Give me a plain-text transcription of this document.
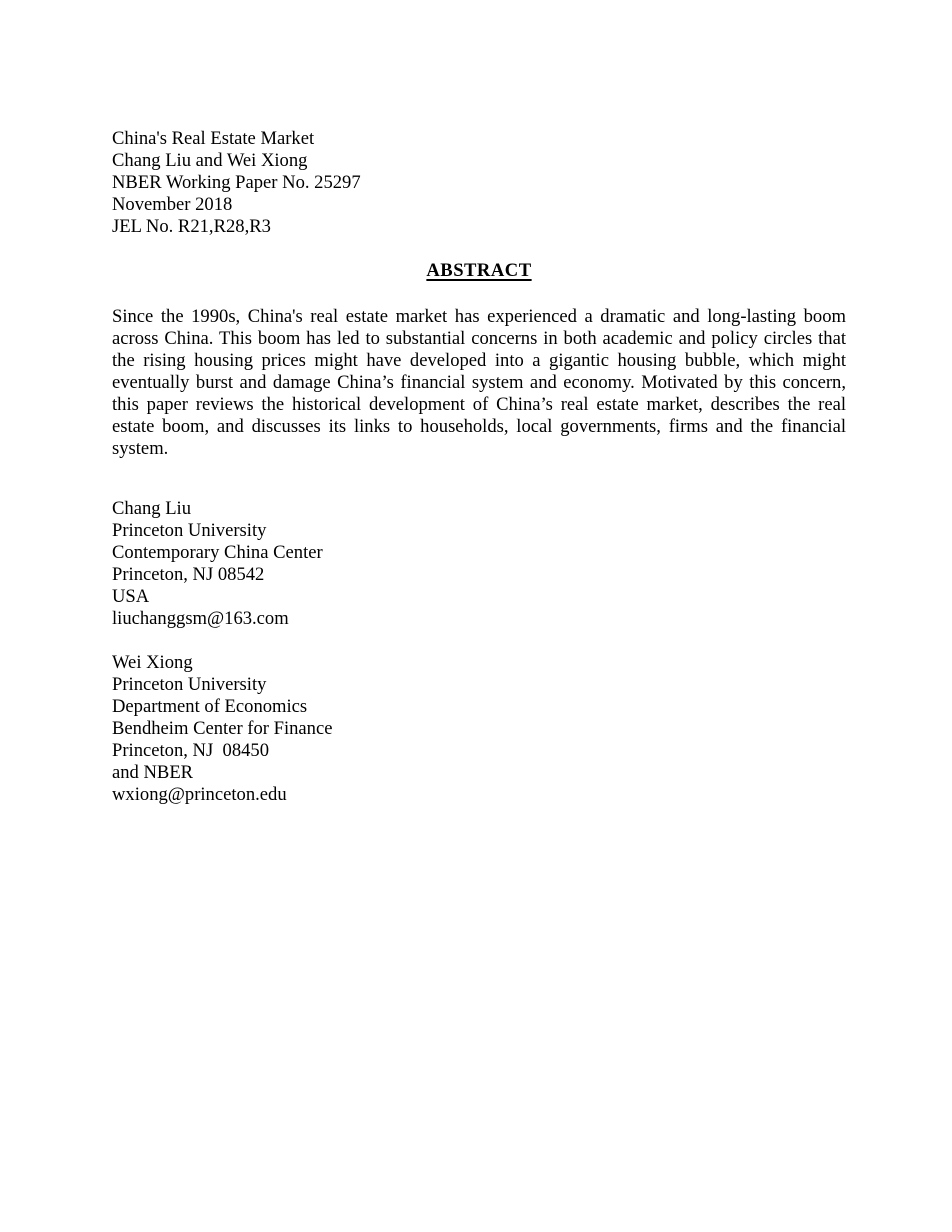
China's Real Estate Market
Chang Liu and Wei Xiong
NBER Working Paper No. 25297
November 2018
JEL No. R21,R28,R3
ABSTRACT
Since the 1990s, China's real estate market has experienced a dramatic and long-lasting boom across China. This boom has led to substantial concerns in both academic and policy circles that the rising housing prices might have developed into a gigantic housing bubble, which might eventually burst and damage China’s financial system and economy. Motivated by this concern, this paper reviews the historical development of China’s real estate market, describes the real estate boom, and discusses its links to households, local governments, firms and the financial system.
Chang Liu
Princeton University
Contemporary China Center
Princeton, NJ 08542
USA
liuchanggsm@163.com
Wei Xiong
Princeton University
Department of Economics
Bendheim Center for Finance
Princeton, NJ  08450
and NBER
wxiong@princeton.edu
